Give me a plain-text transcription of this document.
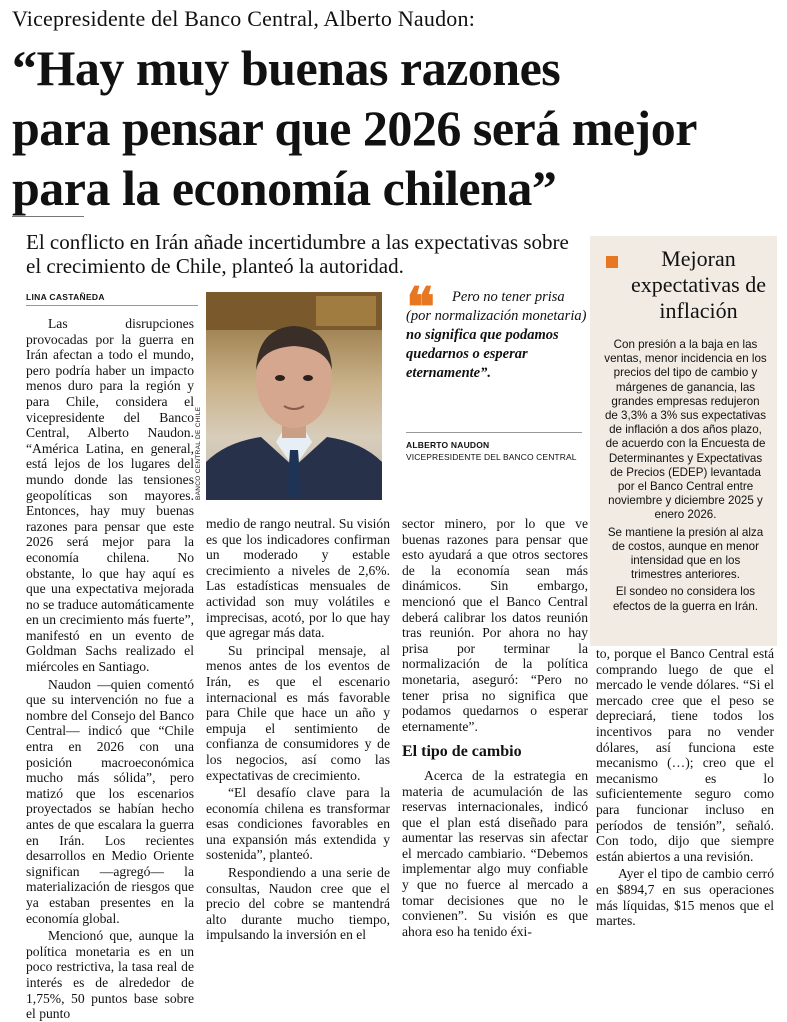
Vicepresidente del Banco Central, Alberto Naudon:
“Hay muy buenas razones
para pensar que 2026 será mejor
para la economía chilena”
El conflicto en Irán añade incertidumbre a las expectativas sobre el crecimiento de Chile, planteó la autoridad.
LINA CASTAÑEDA

Las disrupciones provocadas por la guerra en Irán afectan a todo el mundo, pero podría haber un impacto menos duro para la región y para Chile, considera el vicepresidente del Banco Central, Alberto Naudon. “América Latina, en general, está lejos de los lugares del mundo donde las tensiones geopolíticas son mayores. Entonces, hay muy buenas razones para pensar que este 2026 será mejor para la economía chilena. No obstante, lo que hay aquí es que una expectativa mejorada no se traduce automáticamente en un crecimiento más fuerte”, manifestó en un evento de Goldman Sachs realizado el miércoles en Santiago.

Naudon —quien comentó que su intervención no fue a nombre del Consejo del Banco Central— indicó que “Chile entra en 2026 con una posición macroeconómica mucho más sólida”, pero matizó que los escenarios proyectados se habían hecho antes de que escalara la guerra en Irán. Los recientes desarrollos en Medio Oriente significan —agregó— la materialización de riesgos que ya estaban presentes en la economía global.

Mencionó que, aunque la política monetaria es en un poco restrictiva, la tasa real de interés es de alrededor de 1,75%, 50 puntos base sobre el punto

BANCO CENTRAL DE CHILE
❝	Pero no tener prisa (por normalización monetaria) no significa que podamos quedarnos o esperar eternamente”.

ALBERTO NAUDON
VICEPRESIDENTE DEL BANCO CENTRAL

medio de rango neutral. Su visión es que los indicadores confirman un moderado y estable crecimiento a niveles de 2,6%. Las estadísticas mensuales de actividad son muy volátiles e imprecisas, acotó, por lo que hay que agregar más data.

Su principal mensaje, al menos antes de los eventos de Irán, es que el escenario internacional es más favorable para Chile que hace un año y empuja el sentimiento de confianza de consumidores y de los negocios, así como las expectativas de crecimiento.

“El desafío clave para la economía chilena es transformar esas condiciones favorables en una expansión más extendida y sostenida”, planteó.

Respondiendo a una serie de consultas, Naudon cree que el precio del cobre se mantendrá alto durante mucho tiempo, impulsando la inversión en el

sector minero, por lo que ve buenas razones para pensar que esto ayudará a que otros sectores de la economía sean más dinámicos. Sin embargo, mencionó que el Banco Central deberá calibrar los datos reunión tras reunión. Por ahora no hay prisa por terminar la normalización de la política monetaria, aseguró: “Pero no tener prisa no significa que podamos quedarnos o esperar eternamente”.

El tipo de cambio

Acerca de la estrategia en materia de acumulación de las reservas internacionales, indicó que el plan está diseñado para aumentar las reservas sin afectar el mercado cambiario. “Debemos implementar algo muy confiable y que no fuerce al mercado a tomar decisiones que no le convienen”. Su visión es que ahora eso ha tenido éxi-

to, porque el Banco Central está comprando luego de que el mercado le vende dólares. “Si el mercado cree que el peso se depreciará, tiene todos los incentivos para no vender dólares, así funciona este mecanismo (…); creo que el mecanismo es lo suficientemente seguro como para funcionar incluso en períodos de tensión”, señaló. Con todo, dijo que siempre están abiertos a una revisión.

Ayer el tipo de cambio cerró en $894,7 en sus operaciones más líquidas, $15 menos que el martes.

Mejoran expectativas de inflación

Con presión a la baja en las ventas, menor incidencia en los precios del tipo de cambio y márgenes de ganancia, las grandes empresas redujeron de 3,3% a 3% sus expectativas de inflación a dos años plazo, de acuerdo con la Encuesta de Determinantes y Expectativas de Precios (EDEP) levantada por el Banco Central entre noviembre y diciembre 2025 y enero 2026.

Se mantiene la presión al alza de costos, aunque en menor intensidad que en los trimestres anteriores.

El sondeo no considera los efectos de la guerra en Irán.
